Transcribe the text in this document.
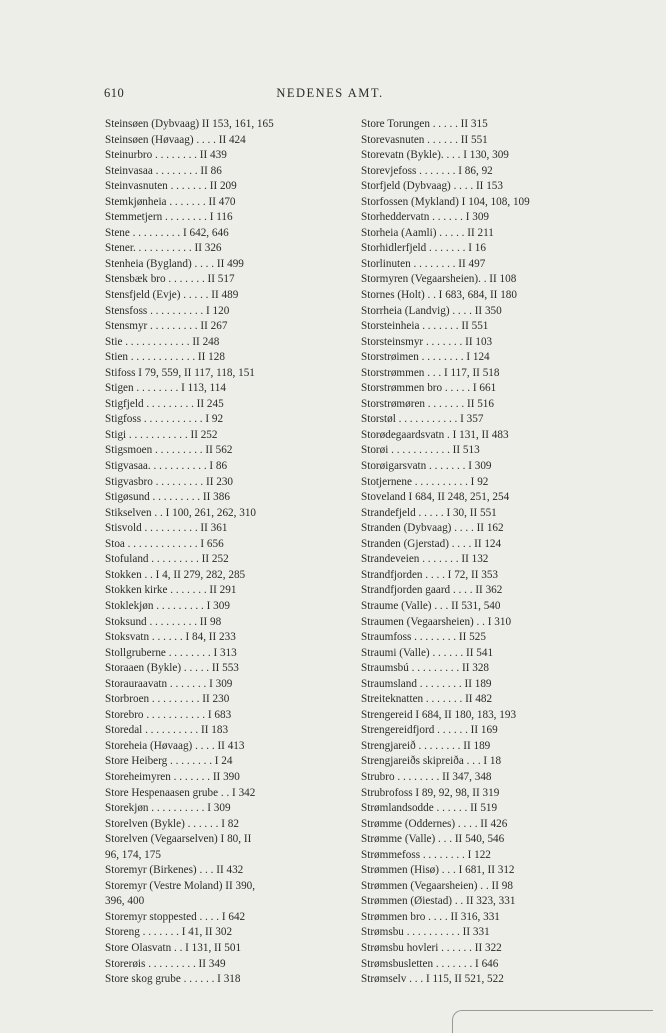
610	NEDENES AMT.
Steinsøen (Dybvaag) II 153, 161, 165
Steinsøen (Høvaag) . . . . II 424
Steinurbro . . . . . . . . II 439
Steinvasaa . . . . . . . . II 86
Steinvasnuten . . . . . . . II 209
Stemkjønheia . . . . . . . II 470
Stemmetjern . . . . . . . . I 116
Stene . . . . . . . . . I 642, 646
Stener. . . . . . . . . . . II 326
Stenheia (Bygland) . . . . II 499
Stensbæk bro . . . . . . . II 517
Stensfjeld (Evje) . . . . . II 489
Stensfoss . . . . . . . . . . I 120
Stensmyr . . . . . . . . . II 267
Stie . . . . . . . . . . . . II 248
Stien . . . . . . . . . . . . II 128
Stifoss I 79, 559, II 117, 118, 151
Stigen . . . . . . . . I 113, 114
Stigfjeld . . . . . . . . . II 245
Stigfoss . . . . . . . . . . . I 92
Stigi . . . . . . . . . . . II 252
Stigsmoen . . . . . . . . . II 562
Stigvasaa. . . . . . . . . . . I 86
Stigvasbro . . . . . . . . . II 230
Stigøsund . . . . . . . . . II 386
Stikselven . . I 100, 261, 262, 310
Stisvold . . . . . . . . . . II 361
Stoa . . . . . . . . . . . . . I 656
Stofuland . . . . . . . . . II 252
Stokken . . I 4, II 279, 282, 285
Stokken kirke . . . . . . . II 291
Stoklekjøn . . . . . . . . . I 309
Stoksund . . . . . . . . . II 98
Stoksvatn . . . . . . I 84, II 233
Stollgruberne . . . . . . . . I 313
Storaaen (Bykle) . . . . . II 553
Storauraavatn . . . . . . . I 309
Storbroen . . . . . . . . . II 230
Storebro . . . . . . . . . . . I 683
Storedal . . . . . . . . . . II 183
Storeheia (Høvaag) . . . . II 413
Store Heiberg . . . . . . . . I 24
Storeheimyren . . . . . . . II 390
Store Hespenaasen grube . . I 342
Storekjøn . . . . . . . . . . I 309
Storelven (Bykle) . . . . . . I 82
Storelven (Vegaarselven) I 80, II
96, 174, 175
Storemyr (Birkenes) . . . II 432
Storemyr (Vestre Moland) II 390,
396, 400
Storemyr stoppested . . . . I 642
Storeng . . . . . . . I 41, II 302
Store Olasvatn . . I 131, II 501
Storerøis . . . . . . . . . II 349
Store skog grube . . . . . . I 318
Store Torungen . . . . . II 315
Storevasnuten . . . . . . II 551
Storevatn (Bykle). . . . I 130, 309
Storevjefoss . . . . . . . I 86, 92
Storfjeld (Dybvaag) . . . . II 153
Storfossen (Mykland) I 104, 108, 109
Storheddervatn . . . . . . I 309
Storheia (Aamli) . . . . . II 211
Storhidlerfjeld . . . . . . . I 16
Storlinuten . . . . . . . . II 497
Stormyren (Vegaarsheien). . II 108
Stornes (Holt) . . I 683, 684, II 180
Storrheia (Landvig) . . . . II 350
Storsteinheia . . . . . . . II 551
Storsteinsmyr . . . . . . . II 103
Storstrøimen . . . . . . . . I 124
Storstrømmen . . . I 117, II 518
Storstrømmen bro . . . . . I 661
Storstrømøren . . . . . . . II 516
Storstøl . . . . . . . . . . . I 357
Storødegaardsvatn . I 131, II 483
Storøi . . . . . . . . . . . II 513
Storøigarsvatn . . . . . . . I 309
Stotjernene . . . . . . . . . . I 92
Stoveland I 684, II 248, 251, 254
Strandefjeld . . . . . I 30, II 551
Stranden (Dybvaag) . . . . II 162
Stranden (Gjerstad) . . . . II 124
Strandeveien . . . . . . . II 132
Strandfjorden . . . . I 72, II 353
Strandfjorden gaard . . . . II 362
Straume (Valle) . . . II 531, 540
Straumen (Vegaarsheien) . . I 310
Straumfoss . . . . . . . . II 525
Straumi (Valle) . . . . . . II 541
Straumsbú . . . . . . . . . II 328
Straumsland . . . . . . . . II 189
Streiteknatten . . . . . . . II 482
Strengereid I 684, II 180, 183, 193
Strengereidfjord . . . . . . II 169
Strengjareið . . . . . . . . II 189
Strengjareiðs skipreiða . . . I 18
Strubro . . . . . . . . II 347, 348
Strubrofoss I 89, 92, 98, II 319
Strømlandsodde . . . . . . II 519
Strømme (Oddernes) . . . . II 426
Strømme (Valle) . . . II 540, 546
Strømmefoss . . . . . . . . I 122
Strømmen (Hisø) . . . I 681, II 312
Strømmen (Vegaarsheien) . . II 98
Strømmen (Øiestad) . . II 323, 331
Strømmen bro . . . . II 316, 331
Strømsbu . . . . . . . . . . II 331
Strømsbu hovleri . . . . . . II 322
Strømsbusletten . . . . . . . I 646
Strømselv . . . I 115, II 521, 522
